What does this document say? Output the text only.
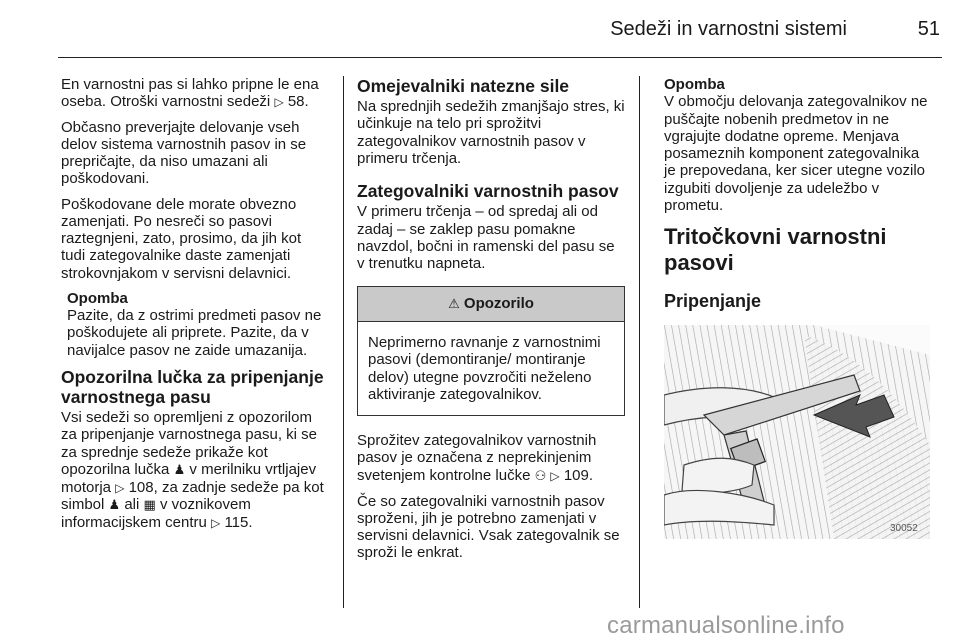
Sedeži in varnostni sistemi	51

En varnostni pas si lahko pripne le ena oseba. Otroški varnostni sedeži ▷ 58.

Občasno preverjajte delovanje vseh delov sistema varnostnih pasov in se prepričajte, da niso umazani ali poškodovani.

Poškodovane dele morate obvezno zamenjati. Po nesreči so pasovi raztegnjeni, zato, prosimo, da jih kot tudi zategovalnike daste zamenjati strokovnjakom v servisni delavnici.

Opomba
Pazite, da z ostrimi predmeti pasov ne poškodujete ali priprete. Pazite, da v navijalce pasov ne zaide umazanija.
Opozorilna lučka za pripenjanje varnostnega pasu

Vsi sedeži so opremljeni z opozorilom za pripenjanje varnostnega pasu, ki se za sprednje sedeže prikaže kot opozorilna lučka ♟ v merilniku vrtljajev motorja ▷ 108, za zadnje sedeže pa kot simbol ♟ ali ▦ v voznikovem informacijskem centru ▷ 115.

Omejevalniki natezne sile

Na sprednjih sedežih zmanjšajo stres, ki učinkuje na telo pri sprožitvi zategovalnikov varnostnih pasov v primeru trčenja.

Zategovalniki varnostnih pasov

V primeru trčenja – od spredaj ali od zadaj – se zaklep pasu pomakne navzdol, bočni in ramenski del pasu se v trenutku napneta.

⚠ Opozorilo
Neprimerno ravnanje z varnostnimi pasovi (demontiranje/ montiranje delov) utegne povzročiti neželeno aktiviranje zategovalnikov.

Sprožitev zategovalnikov varnostnih pasov je označena z neprekinjenim svetenjem kontrolne lučke ⚇ ▷ 109.

Če so zategovalniki varnostnih pasov sproženi, jih je potrebno zamenjati v servisni delavnici. Vsak zategovalnik se sproži le enkrat.

Opomba
V območju delovanja zategovalnikov ne puščajte nobenih predmetov in ne vgrajujte dodatne opreme. Menjava posameznih komponent zategovalnika je prepovedana, ker sicer utegne vozilo izgubiti dovoljenje za udeležbo v prometu.
Tritočkovni varnostni pasovi
Pripenjanje
30052
carmanualsonline.info
